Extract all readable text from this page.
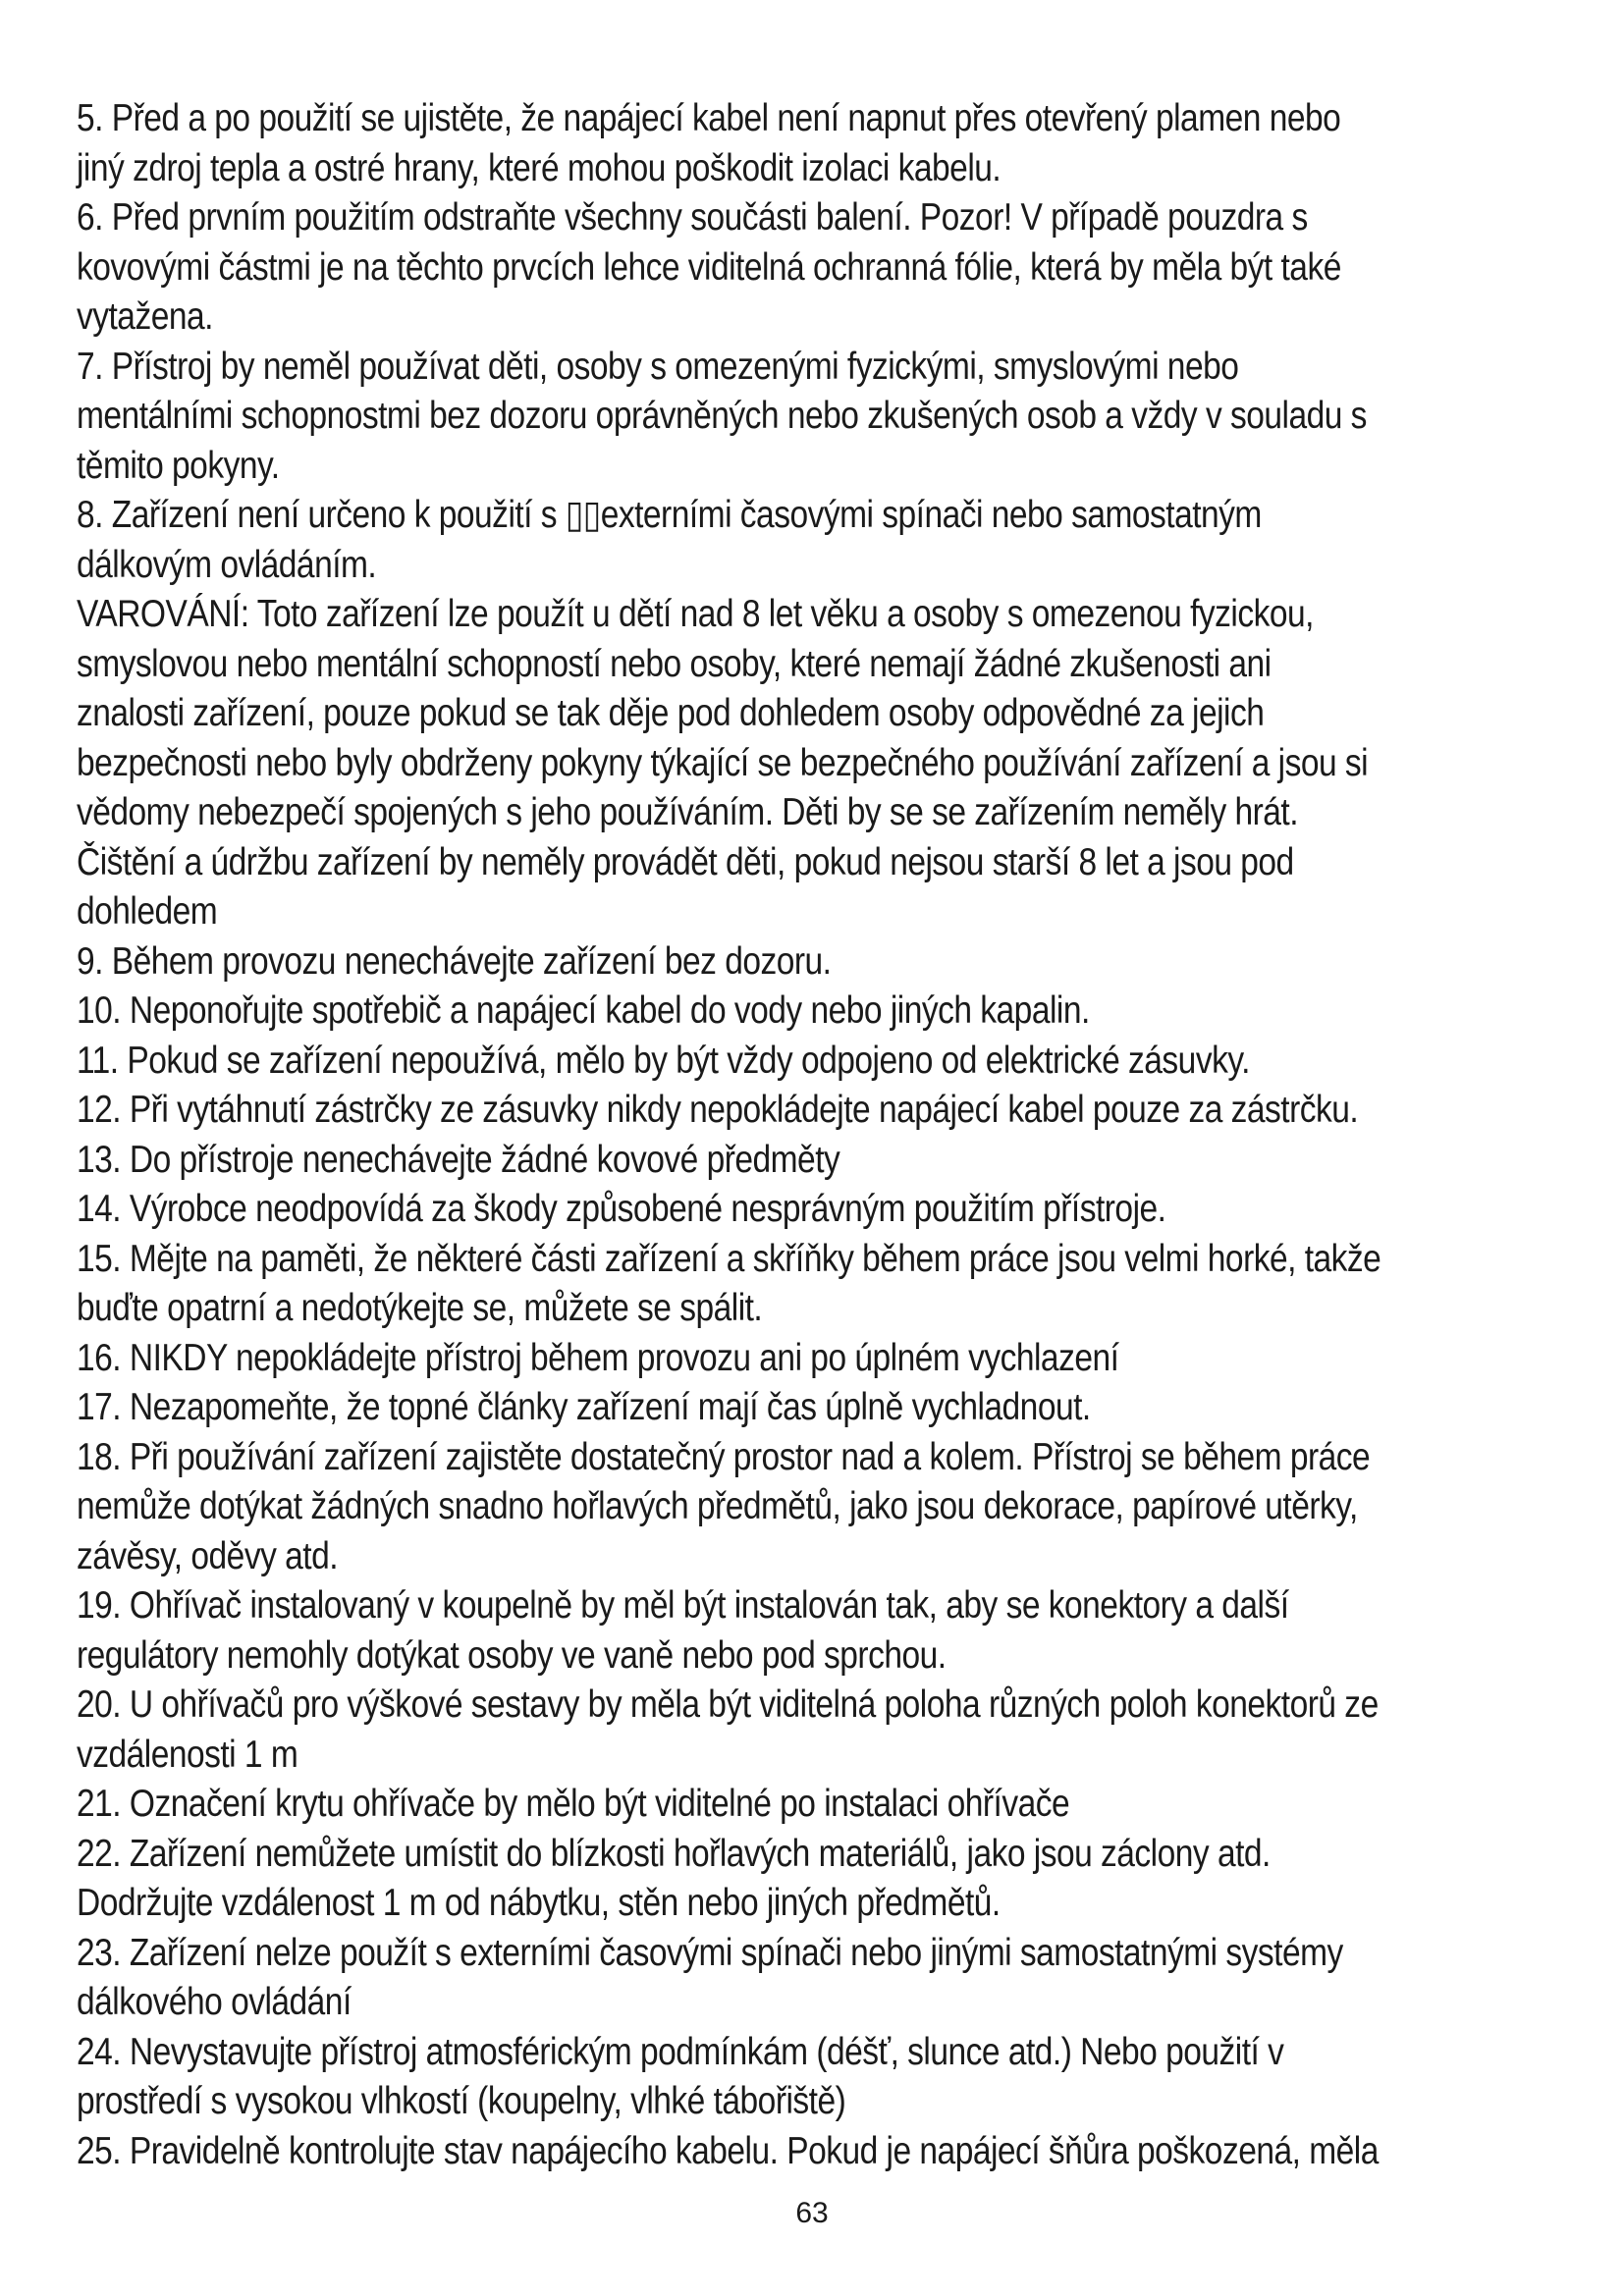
5. Před a po použití se ujistěte, že napájecí kabel není napnut přes otevřený plamen nebo
jiný zdroj tepla a ostré hrany, které mohou poškodit izolaci kabelu.
6. Před prvním použitím odstraňte všechny součásti balení. Pozor! V případě pouzdra s
kovovými částmi je na těchto prvcích lehce viditelná ochranná fólie, která by měla být také
vytažena.
7. Přístroj by neměl používat děti, osoby s omezenými fyzickými, smyslovými nebo
mentálními schopnostmi bez dozoru oprávněných nebo zkušených osob a vždy v souladu s
těmito pokyny.
8. Zařízení není určeno k použití s ▯▯externími časovými spínači nebo samostatným
dálkovým ovládáním.
VAROVÁNÍ: Toto zařízení lze použít u dětí nad 8 let věku a osoby s omezenou fyzickou,
smyslovou nebo mentální schopností nebo osoby, které nemají žádné zkušenosti ani
znalosti zařízení, pouze pokud se tak děje pod dohledem osoby odpovědné za jejich
bezpečnosti nebo byly obdrženy pokyny týkající se bezpečného používání zařízení a jsou si
vědomy nebezpečí spojených s jeho používáním. Děti by se se zařízením neměly hrát.
Čištění a údržbu zařízení by neměly provádět děti, pokud nejsou starší 8 let a jsou pod
dohledem
9. Během provozu nenechávejte zařízení bez dozoru.
10. Neponořujte spotřebič a napájecí kabel do vody nebo jiných kapalin.
11. Pokud se zařízení nepoužívá, mělo by být vždy odpojeno od elektrické zásuvky.
12. Při vytáhnutí zástrčky ze zásuvky nikdy nepokládejte napájecí kabel pouze za zástrčku.
13. Do přístroje nenechávejte žádné kovové předměty
14. Výrobce neodpovídá za škody způsobené nesprávným použitím přístroje.
15. Mějte na paměti, že některé části zařízení a skříňky během práce jsou velmi horké, takže
buďte opatrní a nedotýkejte se, můžete se spálit.
16. NIKDY nepokládejte přístroj během provozu ani po úplném vychlazení
17. Nezapomeňte, že topné články zařízení mají čas úplně vychladnout.
18. Při používání zařízení zajistěte dostatečný prostor nad a kolem. Přístroj se během práce
nemůže dotýkat žádných snadno hořlavých předmětů, jako jsou dekorace, papírové utěrky,
závěsy, oděvy atd.
19. Ohřívač instalovaný v koupelně by měl být instalován tak, aby se konektory a další
regulátory nemohly dotýkat osoby ve vaně nebo pod sprchou.
20. U ohřívačů pro výškové sestavy by měla být viditelná poloha různých poloh konektorů ze
vzdálenosti 1 m
21. Označení krytu ohřívače by mělo být viditelné po instalaci ohřívače
22. Zařízení nemůžete umístit do blízkosti hořlavých materiálů, jako jsou záclony atd.
Dodržujte vzdálenost 1 m od nábytku, stěn nebo jiných předmětů.
23. Zařízení nelze použít s externími časovými spínači nebo jinými samostatnými systémy
dálkového ovládání
24. Nevystavujte přístroj atmosférickým podmínkám (déšť, slunce atd.) Nebo použití v
prostředí s vysokou vlhkostí (koupelny, vlhké tábořiště)
25. Pravidelně kontrolujte stav napájecího kabelu. Pokud je napájecí šňůra poškozená, měla
63
